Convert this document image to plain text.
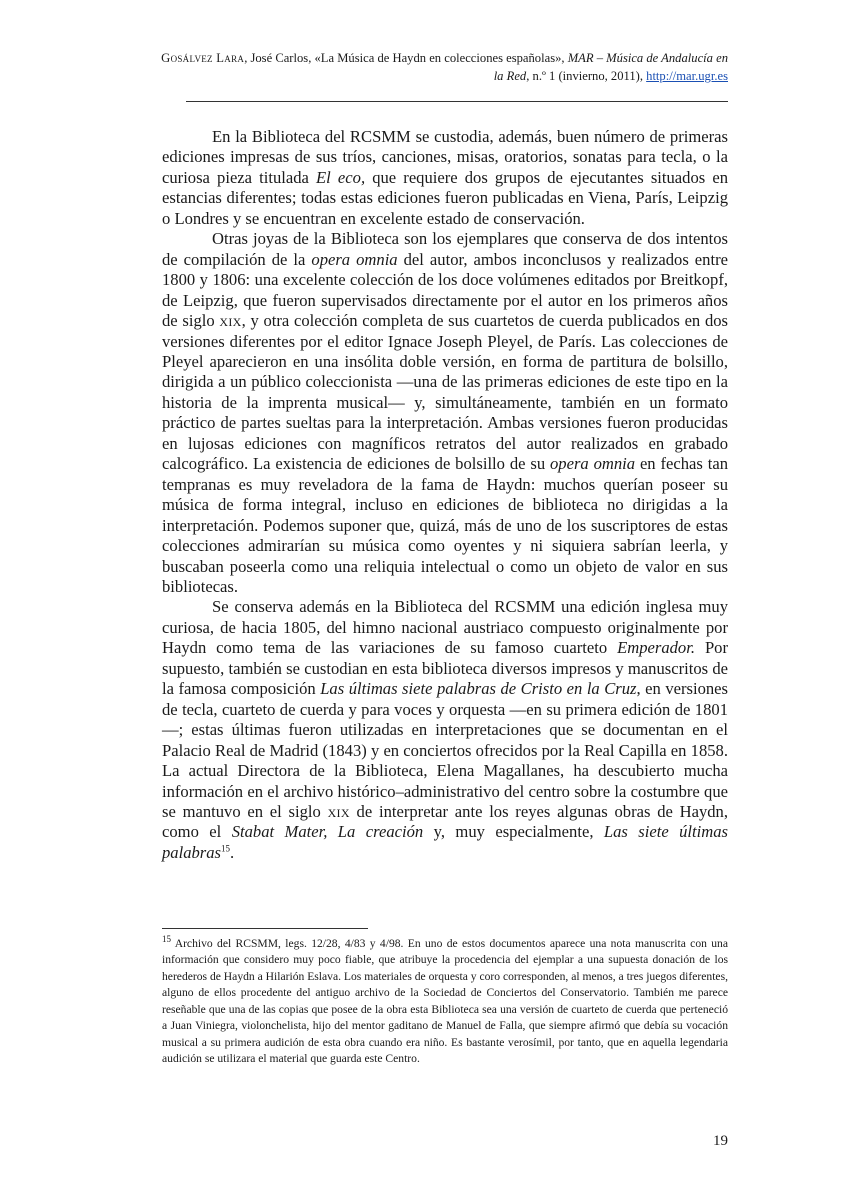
Gosálvez Lara, José Carlos, «La Música de Haydn en colecciones españolas», MAR – Música de Andalucía en la Red, n.º 1 (invierno, 2011), http://mar.ugr.es

En la Biblioteca del RCSMM se custodia, además, buen número de primeras ediciones impresas de sus tríos, canciones, misas, oratorios, sonatas para tecla, o la curiosa pieza titulada El eco, que requiere dos grupos de ejecutantes situados en estancias diferentes; todas estas ediciones fueron publicadas en Viena, París, Leipzig o Londres y se encuentran en excelente estado de conservación.

Otras joyas de la Biblioteca son los ejemplares que conserva de dos intentos de compilación de la opera omnia del autor, ambos inconclusos y realizados entre 1800 y 1806: una excelente colección de los doce volúmenes editados por Breitkopf, de Leipzig, que fueron supervisados directamente por el autor en los primeros años de siglo xix, y otra colección completa de sus cuartetos de cuerda publicados en dos versiones diferentes por el editor Ignace Joseph Pleyel, de París. Las colecciones de Pleyel aparecieron en una insólita doble versión, en forma de partitura de bolsillo, dirigida a un público coleccionista —una de las primeras ediciones de este tipo en la historia de la imprenta musical— y, simultáneamente, también en un formato práctico de partes sueltas para la interpretación. Ambas versiones fueron producidas en lujosas ediciones con magníficos retratos del autor realizados en grabado calcográfico. La existencia de ediciones de bolsillo de su opera omnia en fechas tan tempranas es muy reveladora de la fama de Haydn: muchos querían poseer su música de forma integral, incluso en ediciones de biblioteca no dirigidas a la interpretación. Podemos suponer que, quizá, más de uno de los suscriptores de estas colecciones admirarían su música como oyentes y ni siquiera sabrían leerla, y buscaban poseerla como una reliquia intelectual o como un objeto de valor en sus bibliotecas.

Se conserva además en la Biblioteca del RCSMM una edición inglesa muy curiosa, de hacia 1805, del himno nacional austriaco compuesto originalmente por Haydn como tema de las variaciones de su famoso cuarteto Emperador. Por supuesto, también se custodian en esta biblioteca diversos impresos y manuscritos de la famosa composición Las últimas siete palabras de Cristo en la Cruz, en versiones de tecla, cuarteto de cuerda y para voces y orquesta —en su primera edición de 1801—; estas últimas fueron utilizadas en interpretaciones que se documentan en el Palacio Real de Madrid (1843) y en conciertos ofrecidos por la Real Capilla en 1858. La actual Directora de la Biblioteca, Elena Magallanes, ha descubierto mucha información en el archivo histórico–administrativo del centro sobre la costumbre que se mantuvo en el siglo xix de interpretar ante los reyes algunas obras de Haydn, como el Stabat Mater, La creación y, muy especialmente, Las siete últimas palabras$^{15}$.

$^{15}$ Archivo del RCSMM, legs. 12/28, 4/83 y 4/98. En uno de estos documentos aparece una nota manuscrita con una información que considero muy poco fiable, que atribuye la procedencia del ejemplar a una supuesta donación de los herederos de Haydn a Hilarión Eslava. Los materiales de orquesta y coro corresponden, al menos, a tres juegos diferentes, alguno de ellos procedente del antiguo archivo de la Sociedad de Conciertos del Conservatorio. También me parece reseñable que una de las copias que posee de la obra esta Biblioteca sea una versión de cuarteto de cuerda que perteneció a Juan Viniegra, violonchelista, hijo del mentor gaditano de Manuel de Falla, que siempre afirmó que debía su vocación musical a su primera audición de esta obra cuando era niño. Es bastante verosímil, por tanto, que en aquella legendaria audición se utilizara el material que guarda este Centro.
19
